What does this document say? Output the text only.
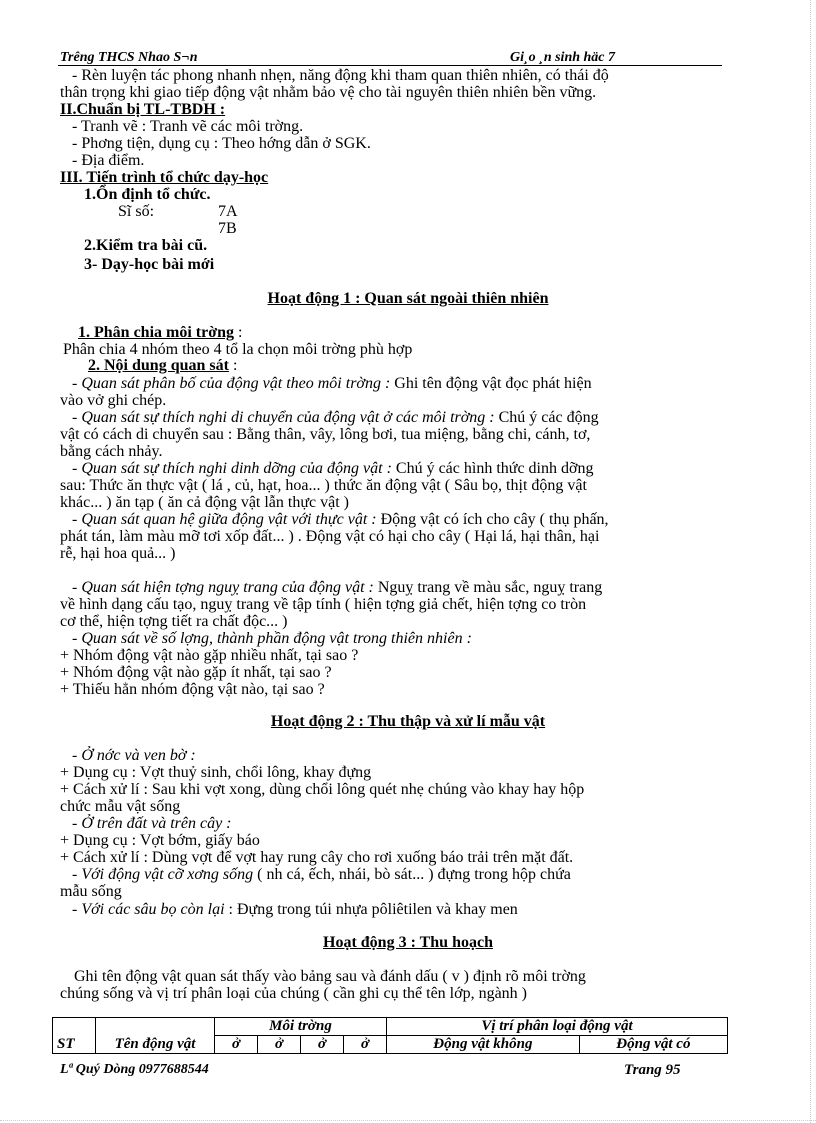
Trêng THCS Nhao S¬n	Gi¸o ¸n sinh häc 7
- Rèn luyện tác phong nhanh nhẹn, năng động khi tham quan thiên nhiên, có thái độ
thân trọng khi giao tiếp động vật nhằm bảo vệ cho tài nguyên thiên nhiên bền vững.
II.Chuẩn bị TL-TBDH :
- Tranh vẽ : Tranh vẽ các môi trờng.
- Phơng tiện, dụng cụ : Theo hớng dẫn ở SGK.
- Địa điểm.
III. Tiến trình tổ chức dạy-học
1.Ổn định tổ chức.
Sĩ số:	7A
7B
2.Kiểm tra bài cũ.
3- Dạy-học bài mới
Hoạt động 1 : Quan sát ngoài thiên nhiên
1. Phân chia môi trờng :
Phân chia 4 nhóm theo 4 tổ la chọn môi trờng phù hợp
2. Nội dung quan sát :
- Quan sát phân bố của động vật theo môi trờng : Ghi tên động vật đọc phát hiện
vào vở ghi chép.
- Quan sát sự thích nghi di chuyển của động vật ở các môi trờng : Chú ý các động
vật có cách di chuyển sau : Bằng thân, vây, lông bơi, tua miệng, bằng chi, cánh, tơ,
bằng cách nhảy.
- Quan sát sự thích nghi dinh dỡng của động vật : Chú ý các hình thức dinh dỡng
sau: Thức ăn thực vật ( lá , củ, hạt, hoa... ) thức ăn động vật ( Sâu bọ, thịt động vật
khác... ) ăn tạp ( ăn cả động vật lẫn thực vật )
- Quan sát quan hệ giữa động vật với thực vật : Động vật có ích cho cây ( thụ phấn,
phát tán, làm màu mỡ tơi xốp đất... ) . Động vật có hại cho cây ( Hại lá, hại thân, hại
rễ, hại hoa quả... )
- Quan sát hiện tợng nguỵ trang của động vật : Nguỵ trang về màu sắc, nguỵ trang
về hình dạng cấu tạo, nguỵ trang về tập tính ( hiện tợng giả chết, hiện tợng co tròn
cơ thể, hiện tợng tiết ra chất độc... )
- Quan sát về số lợng, thành phần động vật trong thiên nhiên :
+ Nhóm động vật nào gặp nhiều nhất, tại sao ?
+ Nhóm động vật nào gặp ít nhất, tại sao ?
+ Thiếu hẳn nhóm động vật nào, tại sao ?
Hoạt động 2 : Thu thập và xử lí mẫu vật
- Ở nớc và ven bờ :
+ Dụng cụ : Vợt thuỷ sinh, chổi lông, khay đựng
+ Cách xử lí : Sau khi vợt xong, dùng chổi lông quét nhẹ chúng vào khay hay hộp
chức mẫu vật sống
- Ở trên đất và trên cây :
+ Dụng cụ : Vợt bớm, giấy báo
+ Cách xử lí : Dùng vợt để vợt hay rung cây cho rơi xuống báo trải trên mặt đất.
- Với động vật cỡ xơng sống ( nh cá, ếch, nhái, bò sát... ) đựng trong hộp chứa
mẫu sống
- Với các sâu bọ còn lại : Đựng trong túi nhựa pôliêtilen và khay men
Hoạt động 3 : Thu hoạch
Ghi tên động vật quan sát thấy vào bảng sau và đánh dấu ( v ) định rõ môi trờng
chúng sống và vị trí phân loại của chúng ( cần ghi cụ thể tên lớp, ngành )
ST	Tên động vật	Môi trờng				Vị trí phân loại động vật	
		ở	ở	ở	ở	Động vật không	Động vật có
Lª Quý Dòng 0977688544	Trang 95
